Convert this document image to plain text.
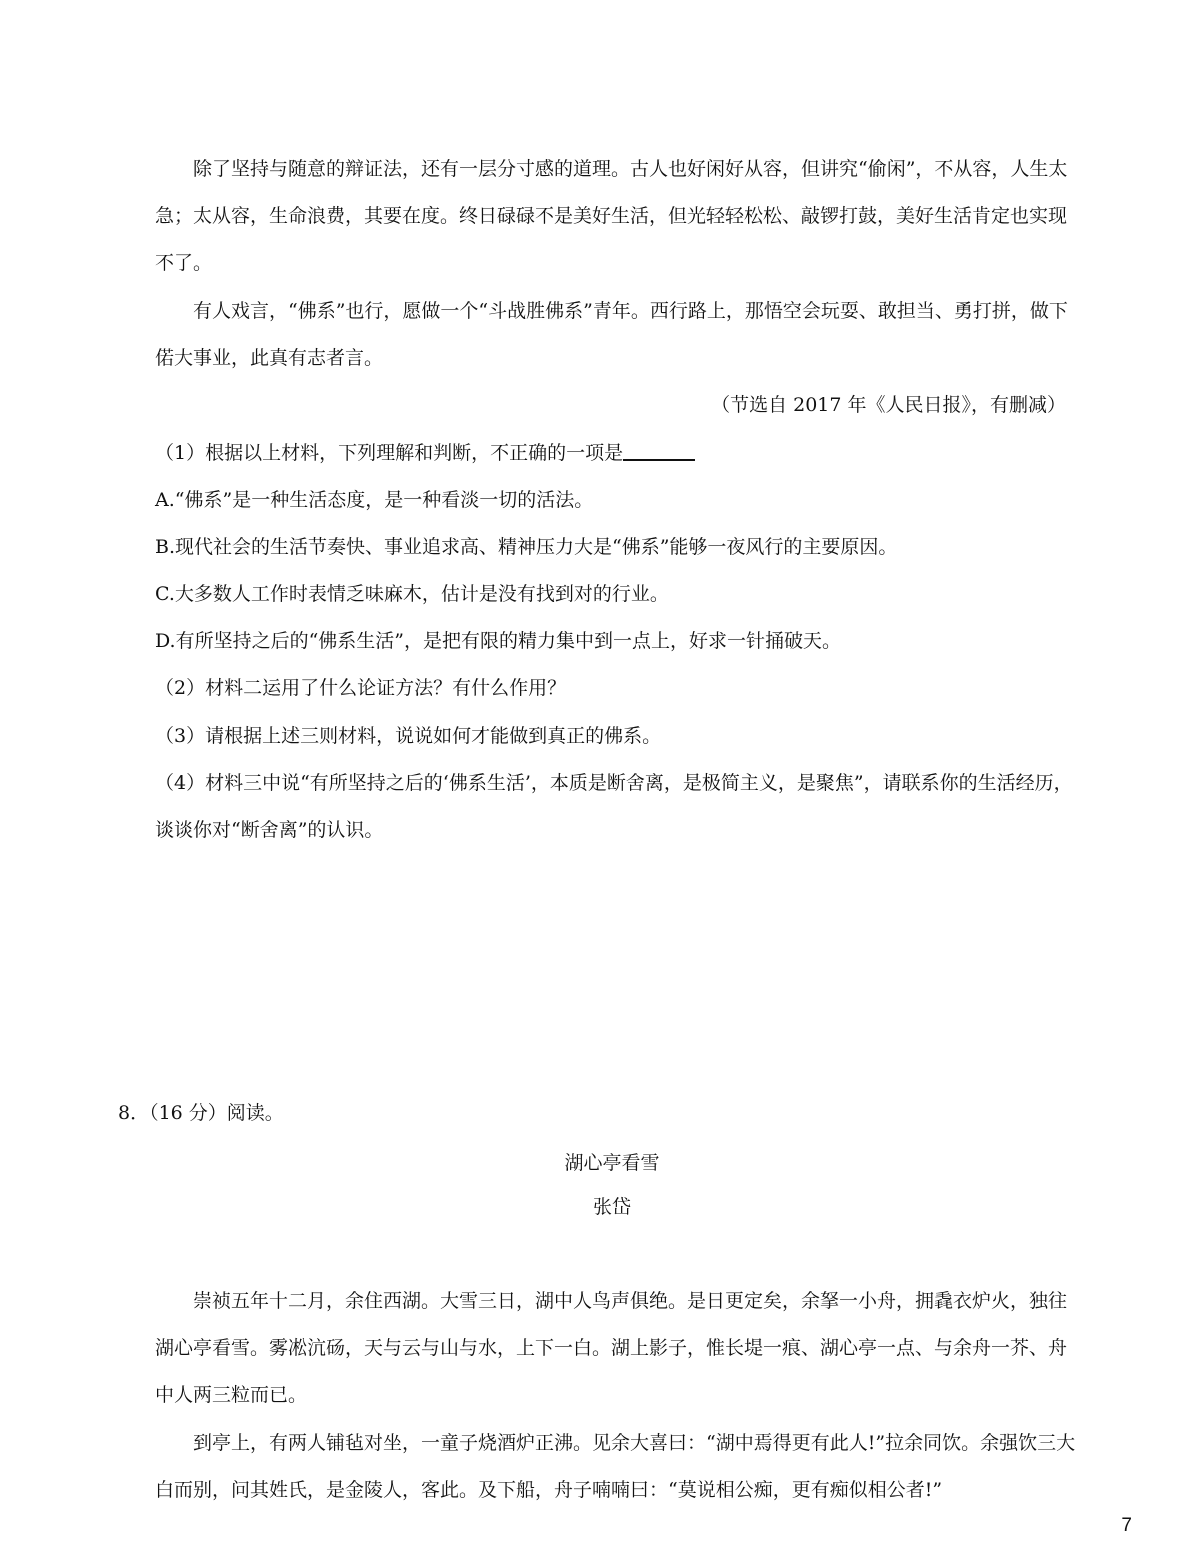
除了坚持与随意的辩证法，还有一层分寸感的道理。古人也好闲好从容，但讲究“偷闲”，不从容，人生太急；太从容，生命浪费，其要在度。终日碌碌不是美好生活，但光轻轻松松、敲锣打鼓，美好生活肯定也实现不了。

有人戏言，“佛系”也行，愿做一个“斗战胜佛系”青年。西行路上，那悟空会玩耍、敢担当、勇打拼，做下偌大事业，此真有志者言。

（节选自 2017 年《人民日报》，有删减）

（1）根据以上材料，下列理解和判断，不正确的一项是

A.“佛系”是一种生活态度，是一种看淡一切的活法。

B.现代社会的生活节奏快、事业追求高、精神压力大是“佛系”能够一夜风行的主要原因。

C.大多数人工作时表情乏味麻木，估计是没有找到对的行业。

D.有所坚持之后的“佛系生活”，是把有限的精力集中到一点上，好求一针捅破天。

（2）材料二运用了什么论证方法？有什么作用？

（3）请根据上述三则材料，说说如何才能做到真正的佛系。

（4）材料三中说“有所坚持之后的‘佛系生活’，本质是断舍离，是极简主义，是聚焦”，请联系你的生活经历，谈谈你对“断舍离”的认识。

8．（16 分）阅读。

湖心亭看雪
张岱

崇祯五年十二月，余住西湖。大雪三日，湖中人鸟声俱绝。是日更定矣，余拏一小舟，拥毳衣炉火，独往湖心亭看雪。雾凇沆砀，天与云与山与水，上下一白。湖上影子，惟长堤一痕、湖心亭一点、与余舟一芥、舟中人两三粒而已。

到亭上，有两人铺毡对坐，一童子烧酒炉正沸。见余大喜曰：“湖中焉得更有此人!”拉余同饮。余强饮三大白而别，问其姓氏，是金陵人，客此。及下船，舟子喃喃曰：“莫说相公痴，更有痴似相公者!”

7
